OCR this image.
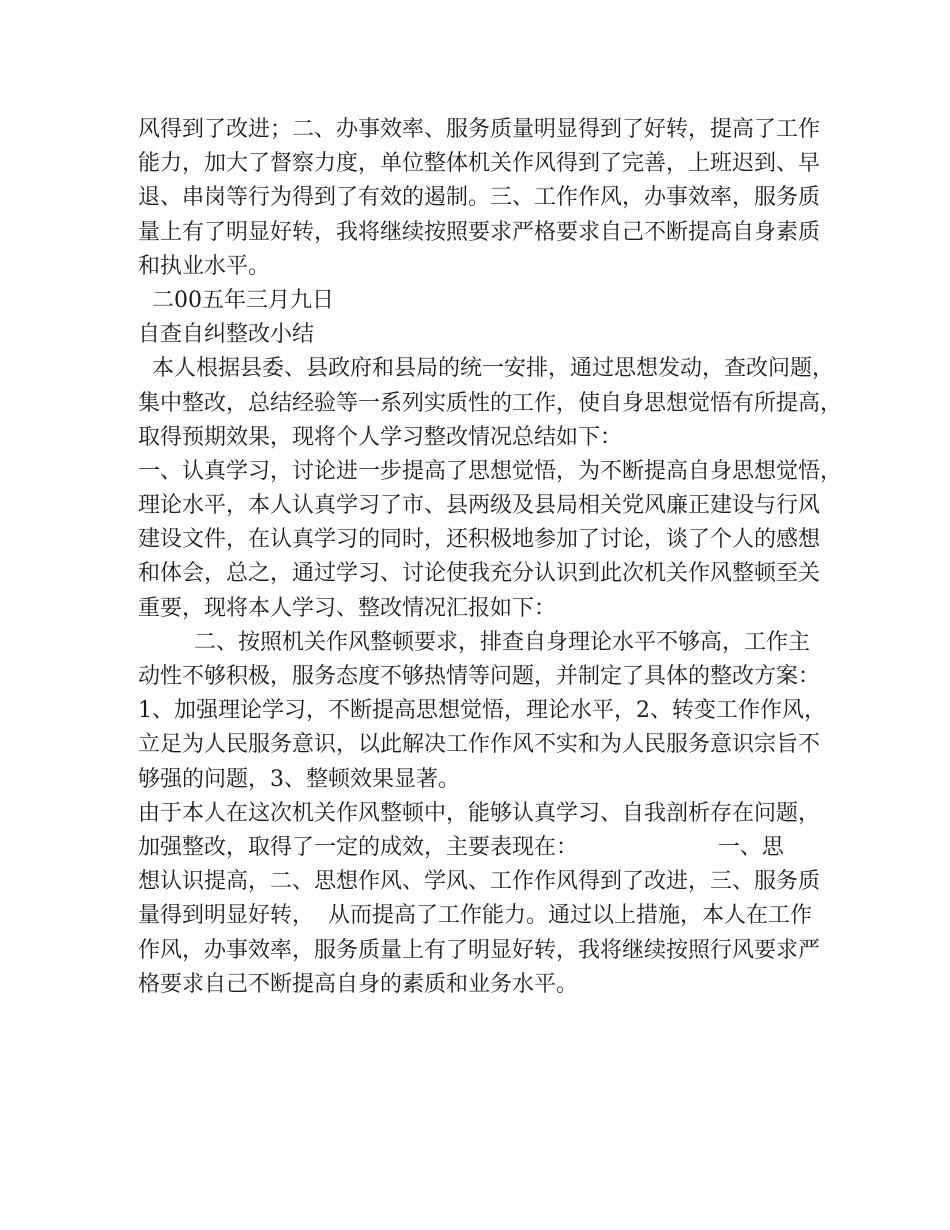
风得到了改进；二、办事效率、服务质量明显得到了好转，提高了工作
能力，加大了督察力度，单位整体机关作风得到了完善，上班迟到、早
退、串岗等行为得到了有效的遏制。三、工作作风，办事效率，服务质
量上有了明显好转，我将继续按照要求严格要求自己不断提高自身素质
和执业水平。
二00五年三月九日
自查自纠整改小结
本人根据县委、县政府和县局的统一安排，通过思想发动，查改问题，
集中整改，总结经验等一系列实质性的工作，使自身思想觉悟有所提高，
取得预期效果，现将个人学习整改情况总结如下：
一、认真学习，讨论进一步提高了思想觉悟，为不断提高自身思想觉悟，
理论水平，本人认真学习了市、县两级及县局相关党风廉正建设与行风
建设文件，在认真学习的同时，还积极地参加了讨论，谈了个人的感想
和体会，总之，通过学习、讨论使我充分认识到此次机关作风整顿至关
重要，现将本人学习、整改情况汇报如下：
二、按照机关作风整顿要求，排查自身理论水平不够高，工作主
动性不够积极，服务态度不够热情等问题，并制定了具体的整改方案：
1、加强理论学习，不断提高思想觉悟，理论水平，2、转变工作作风，
立足为人民服务意识，以此解决工作作风不实和为人民服务意识宗旨不
够强的问题，3、整顿效果显著。
由于本人在这次机关作风整顿中，能够认真学习、自我剖析存在问题，
加强整改，取得了一定的成效，主要表现在：                    一、思
想认识提高，二、思想作风、学风、工作作风得到了改进，三、服务质
量得到明显好转，  从而提高了工作能力。通过以上措施，本人在工作
作风，办事效率，服务质量上有了明显好转，我将继续按照行风要求严
格要求自己不断提高自身的素质和业务水平。
